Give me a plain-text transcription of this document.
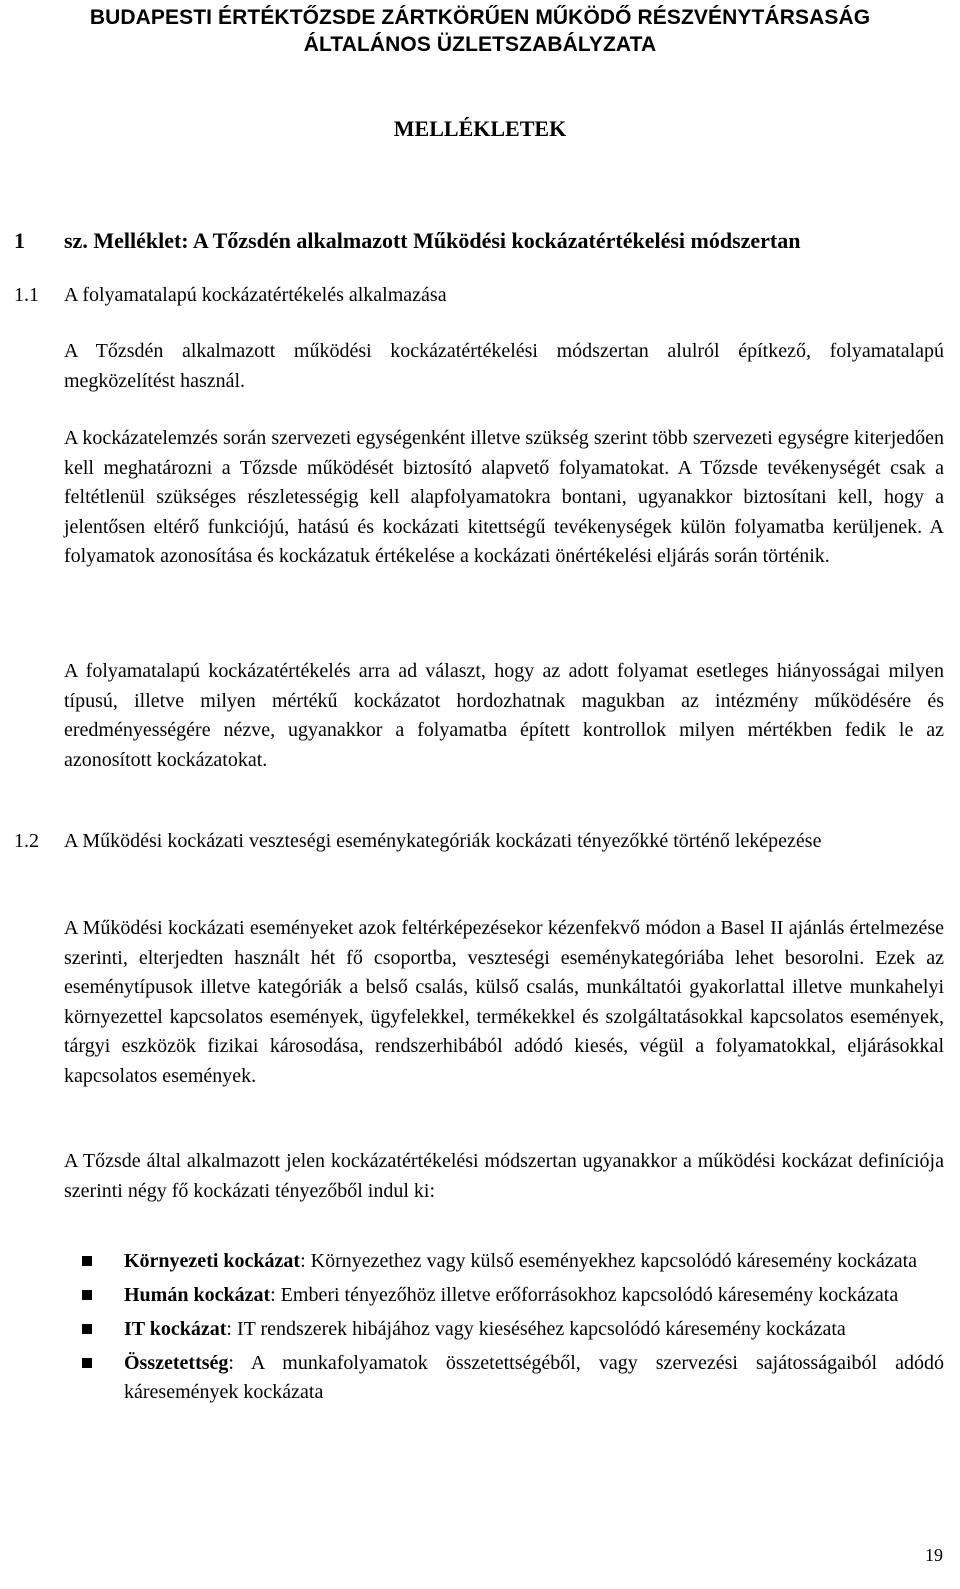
BUDAPESTI ÉRTÉKTŐZSDE ZÁRTKÖRŰEN MŰKÖDŐ RÉSZVÉNYTÁRSASÁG
ÁLTALÁNOS ÜZLETSZABÁLYZATA
MELLÉKLETEK
1 sz. Melléklet: A Tőzsdén alkalmazott Működési kockázatértékelési módszertan
1.1 A folyamatalapú kockázatértékelés alkalmazása
A Tőzsdén alkalmazott működési kockázatértékelési módszertan alulról építkező, folyamatalapú megközelítést használ.
A kockázatelemzés során szervezeti egységenként illetve szükség szerint több szervezeti egységre kiterjedően kell meghatározni a Tőzsde működését biztosító alapvető folyamatokat. A Tőzsde tevékenységét csak a feltétlenül szükséges részletességig kell alapfolyamatokra bontani, ugyanakkor biztosítani kell, hogy a jelentősen eltérő funkciójú, hatású és kockázati kitettségű tevékenységek külön folyamatba kerüljenek. A folyamatok azonosítása és kockázatuk értékelése a kockázati önértékelési eljárás során történik.
A folyamatalapú kockázatértékelés arra ad választ, hogy az adott folyamat esetleges hiányosságai milyen típusú, illetve milyen mértékű kockázatot hordozhatnak magukban az intézmény működésére és eredményességére nézve, ugyanakkor a folyamatba épített kontrollok milyen mértékben fedik le az azonosított kockázatokat.
1.2 A Működési kockázati veszteségi eseménykategóriák kockázati tényezőkké történő leképezése
A Működési kockázati eseményeket azok feltérképezésekor kézenfekvő módon a Basel II ajánlás értelmezése szerinti, elterjedten használt hét fő csoportba, veszteségi eseménykategóriába lehet besorolni. Ezek az eseménytípusok illetve kategóriák a belső csalás, külső csalás, munkáltatói gyakorlattal illetve munkahelyi környezettel kapcsolatos események, ügyfelekkel, termékekkel és szolgáltatásokkal kapcsolatos események, tárgyi eszközök fizikai károsodása, rendszerhibából adódó kiesés, végül a folyamatokkal, eljárásokkal kapcsolatos események.
A Tőzsde által alkalmazott jelen kockázatértékelési módszertan ugyanakkor a működési kockázat definíciója szerinti négy fő kockázati tényezőből indul ki:
Környezeti kockázat: Környezethez vagy külső eseményekhez kapcsolódó káresemény kockázata
Humán kockázat: Emberi tényezőhöz illetve erőforrásokhoz kapcsolódó káresemény kockázata
IT kockázat: IT rendszerek hibájához vagy kieséséhez kapcsolódó káresemény kockázata
Összetettség: A munkafolyamatok összetettségéből, vagy szervezési sajátosságaiból adódó káresemények kockázata
19
